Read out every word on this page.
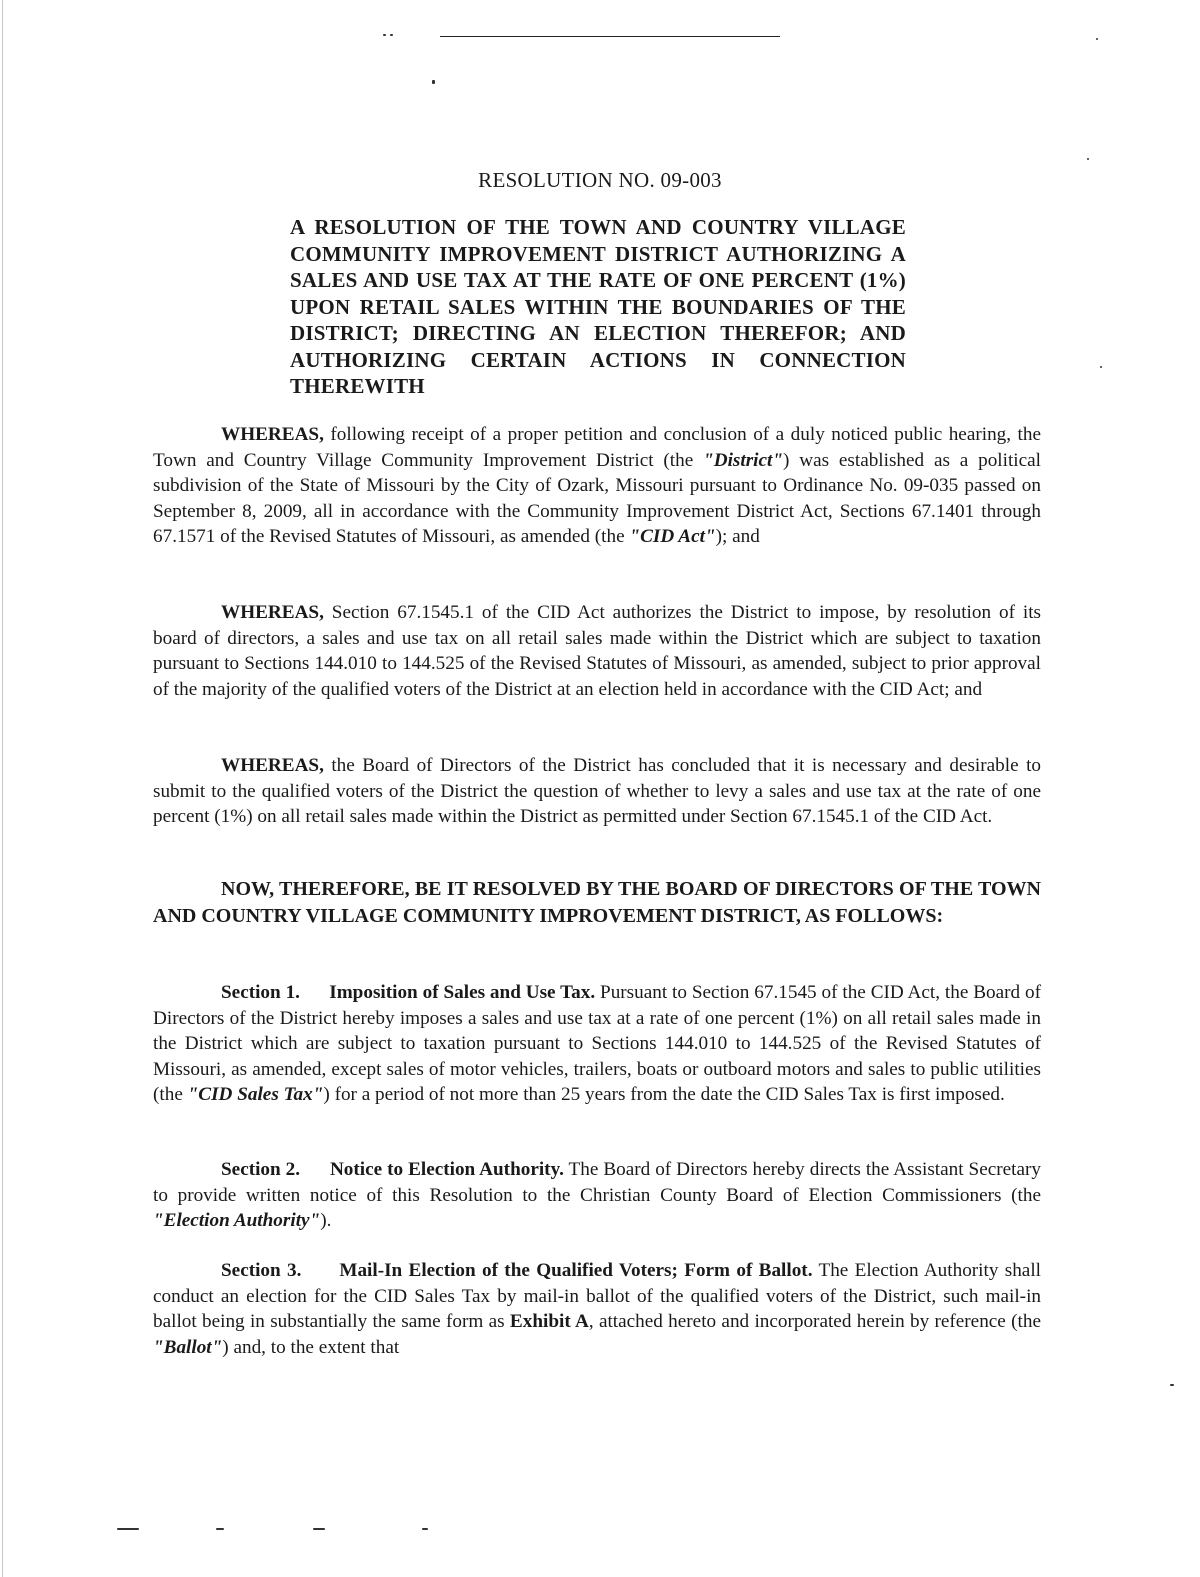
RESOLUTION NO. 09-003
A RESOLUTION OF THE TOWN AND COUNTRY VILLAGE COMMUNITY IMPROVEMENT DISTRICT AUTHORIZING A SALES AND USE TAX AT THE RATE OF ONE PERCENT (1%) UPON RETAIL SALES WITHIN THE BOUNDARIES OF THE DISTRICT; DIRECTING AN ELECTION THEREFOR; AND AUTHORIZING CERTAIN ACTIONS IN CONNECTION THEREWITH

WHEREAS, following receipt of a proper petition and conclusion of a duly noticed public hearing, the Town and Country Village Community Improvement District (the "District") was established as a political subdivision of the State of Missouri by the City of Ozark, Missouri pursuant to Ordinance No. 09-035 passed on September 8, 2009, all in accordance with the Community Improvement District Act, Sections 67.1401 through 67.1571 of the Revised Statutes of Missouri, as amended (the "CID Act"); and

WHEREAS, Section 67.1545.1 of the CID Act authorizes the District to impose, by resolution of its board of directors, a sales and use tax on all retail sales made within the District which are subject to taxation pursuant to Sections 144.010 to 144.525 of the Revised Statutes of Missouri, as amended, subject to prior approval of the majority of the qualified voters of the District at an election held in accordance with the CID Act; and

WHEREAS, the Board of Directors of the District has concluded that it is necessary and desirable to submit to the qualified voters of the District the question of whether to levy a sales and use tax at the rate of one percent (1%) on all retail sales made within the District as permitted under Section 67.1545.1 of the CID Act.

NOW, THEREFORE, BE IT RESOLVED BY THE BOARD OF DIRECTORS OF THE TOWN AND COUNTRY VILLAGE COMMUNITY IMPROVEMENT DISTRICT, AS FOLLOWS:

Section 1. Imposition of Sales and Use Tax. Pursuant to Section 67.1545 of the CID Act, the Board of Directors of the District hereby imposes a sales and use tax at a rate of one percent (1%) on all retail sales made in the District which are subject to taxation pursuant to Sections 144.010 to 144.525 of the Revised Statutes of Missouri, as amended, except sales of motor vehicles, trailers, boats or outboard motors and sales to public utilities (the "CID Sales Tax") for a period of not more than 25 years from the date the CID Sales Tax is first imposed.

Section 2. Notice to Election Authority. The Board of Directors hereby directs the Assistant Secretary to provide written notice of this Resolution to the Christian County Board of Election Commissioners (the "Election Authority").

Section 3. Mail-In Election of the Qualified Voters; Form of Ballot. The Election Authority shall conduct an election for the CID Sales Tax by mail-in ballot of the qualified voters of the District, such mail-in ballot being in substantially the same form as Exhibit A, attached hereto and incorporated herein by reference (the "Ballot") and, to the extent that
